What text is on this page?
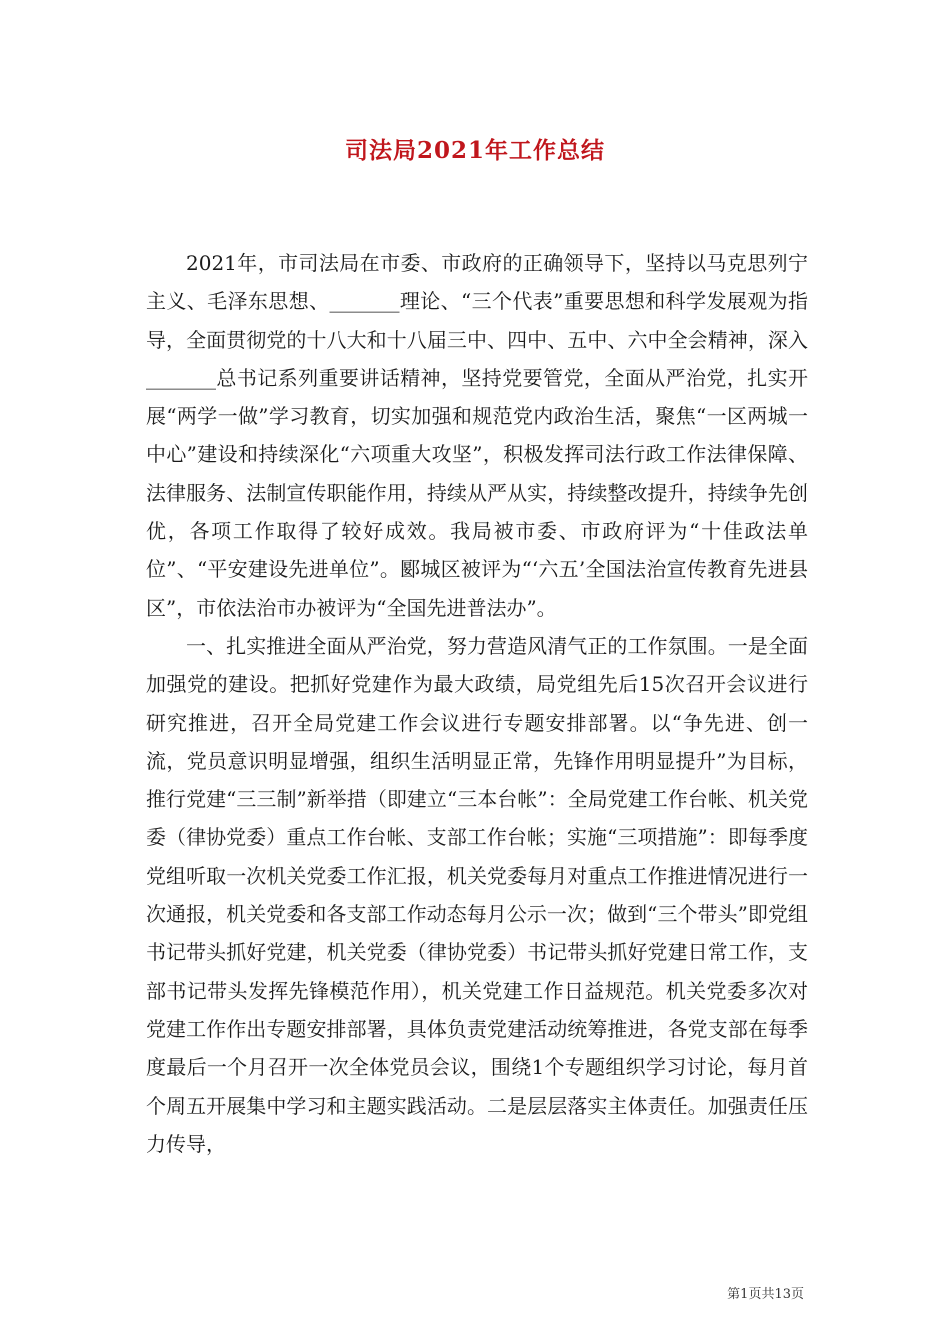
司法局2021年工作总结

2021年，市司法局在市委、市政府的正确领导下，坚持以马克思列宁主义、毛泽东思想、_______理论、“三个代表”重要思想和科学发展观为指导，全面贯彻党的十八大和十八届三中、四中、五中、六中全会精神，深入_______总书记系列重要讲话精神，坚持党要管党，全面从严治党，扎实开展“两学一做”学习教育，切实加强和规范党内政治生活，聚焦“一区两城一中心”建设和持续深化“六项重大攻坚”，积极发挥司法行政工作法律保障、法律服务、法制宣传职能作用，持续从严从实，持续整改提升，持续争先创优，各项工作取得了较好成效。我局被市委、市政府评为“十佳政法单位”、“平安建设先进单位”。郾城区被评为“‘六五’全国法治宣传教育先进县区”，市依法治市办被评为“全国先进普法办”。

一、扎实推进全面从严治党，努力营造风清气正的工作氛围。一是全面加强党的建设。把抓好党建作为最大政绩，局党组先后15次召开会议进行研究推进，召开全局党建工作会议进行专题安排部署。以“争先进、创一流，党员意识明显增强，组织生活明显正常，先锋作用明显提升”为目标，推行党建“三三制”新举措（即建立“三本台帐”：全局党建工作台帐、机关党委（律协党委）重点工作台帐、支部工作台帐；实施“三项措施”：即每季度党组听取一次机关党委工作汇报，机关党委每月对重点工作推进情况进行一次通报，机关党委和各支部工作动态每月公示一次；做到“三个带头”即党组书记带头抓好党建，机关党委（律协党委）书记带头抓好党建日常工作，支部书记带头发挥先锋模范作用），机关党建工作日益规范。机关党委多次对党建工作作出专题安排部署，具体负责党建活动统筹推进，各党支部在每季度最后一个月召开一次全体党员会议，围绕1个专题组织学习讨论，每月首个周五开展集中学习和主题实践活动。二是层层落实主体责任。加强责任压力传导，

第1页共13页
